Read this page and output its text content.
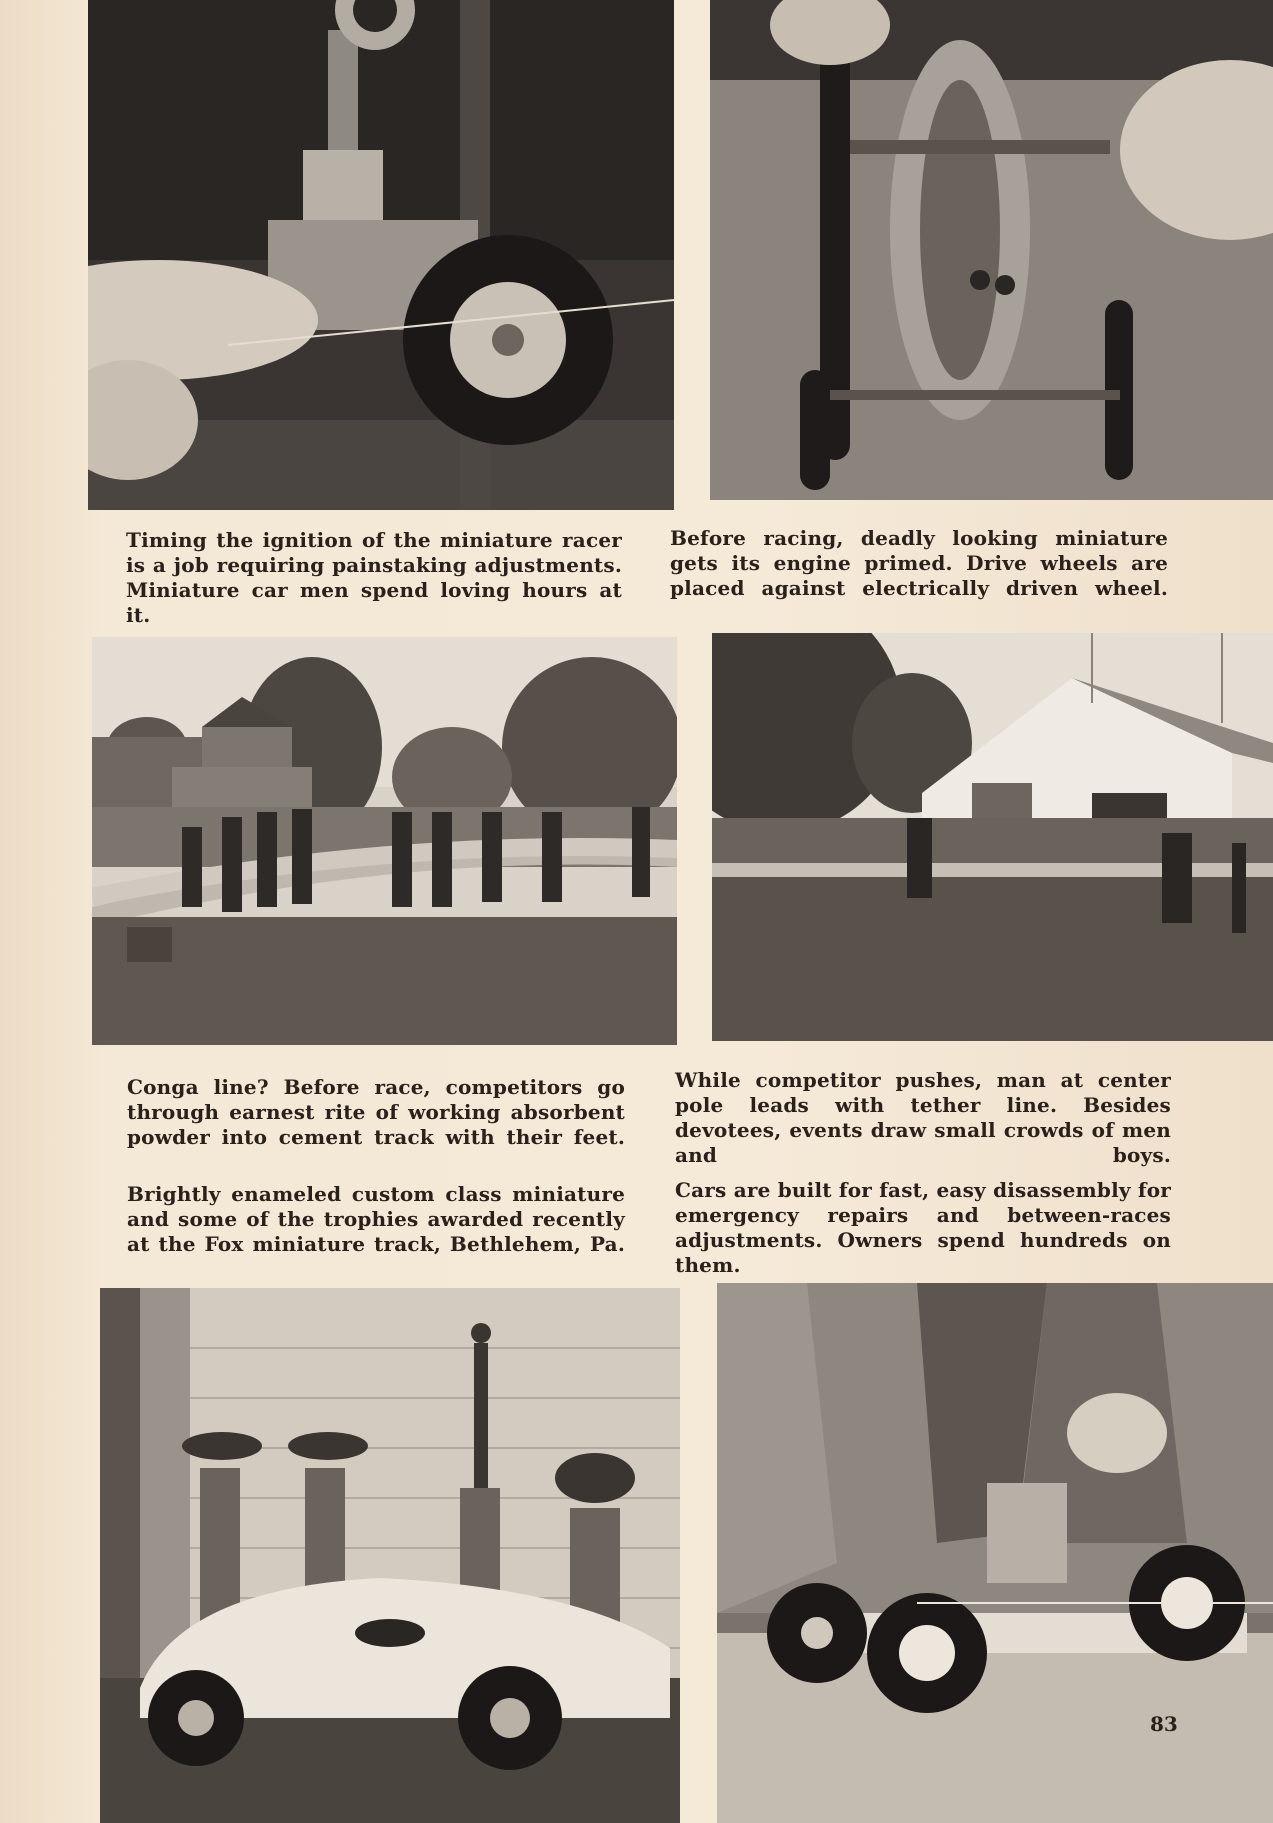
Timing the ignition of the miniature racer is a job requiring painstaking adjustments. Miniature car men spend loving hours at it.
Before racing, deadly looking miniature gets its engine primed. Drive wheels are placed against electrically driven wheel.
Conga line? Before race, competitors go through earnest rite of working absorbent powder into cement track with their feet.
While competitor pushes, man at center pole leads with tether line. Besides devotees, events draw small crowds of men and boys.
Brightly enameled custom class miniature and some of the trophies awarded recently at the Fox miniature track, Bethlehem, Pa.
Cars are built for fast, easy disassembly for emergency repairs and between-races adjustments. Owners spend hundreds on them.
83
